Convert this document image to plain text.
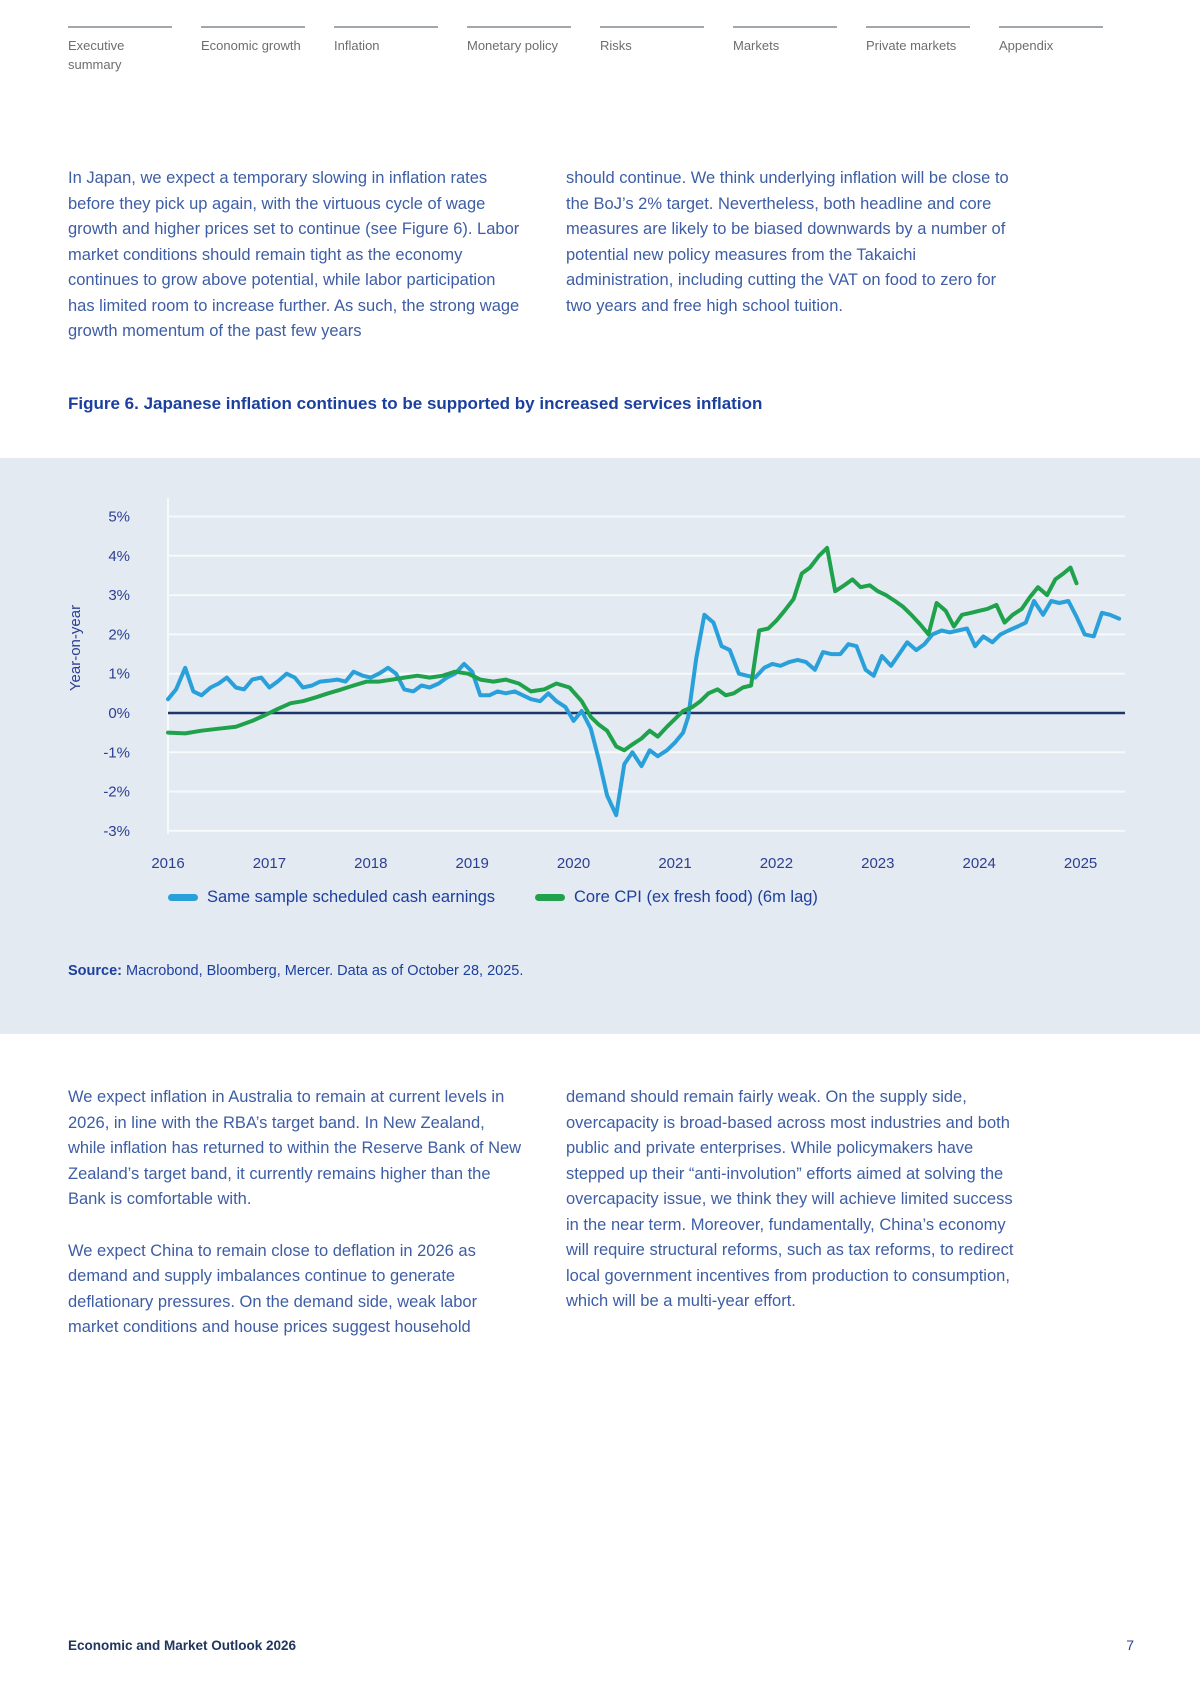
Executive summary
Economic growth	Inflation	Monetary policy	Risks	Markets	Private markets	Appendix

In Japan, we expect a temporary slowing in inflation rates before they pick up again, with the virtuous cycle of wage growth and higher prices set to continue (see Figure 6). Labor market conditions should remain tight as the economy continues to grow above potential, while labor participation has limited room to increase further. As such, the strong wage growth momentum of the past few years

should continue. We think underlying inflation will be close to the BoJ’s 2% target. Nevertheless, both headline and core measures are likely to be biased downwards by a number of potential new policy measures from the Takaichi administration, including cutting the VAT on food to zero for two years and free high school tuition.

Figure 6. Japanese inflation continues to be supported by increased services inflation
5%
4%
3%
2%
1%
0%
-1%
-2%
-3%
2016	2017	2018	2019	2020	2021	2022	2023	2024	2025
Year-on-year
Same sample scheduled cash earnings	Core CPI (ex fresh food) (6m lag)
Source: Macrobond, Bloomberg, Mercer. Data as of October 28, 2025.

We expect inflation in Australia to remain at current levels in 2026, in line with the RBA’s target band. In New Zealand, while inflation has returned to within the Reserve Bank of New Zealand’s target band, it currently remains higher than the Bank is comfortable with.

We expect China to remain close to deflation in 2026 as demand and supply imbalances continue to generate deflationary pressures. On the demand side, weak labor market conditions and house prices suggest household

demand should remain fairly weak. On the supply side, overcapacity is broad-based across most industries and both public and private enterprises. While policymakers have stepped up their “anti-involution” efforts aimed at solving the overcapacity issue, we think they will achieve limited success in the near term. Moreover, fundamentally, China’s economy will require structural reforms, such as tax reforms, to redirect local government incentives from production to consumption, which will be a multi-year effort.

Economic and Market Outlook 2026	7
